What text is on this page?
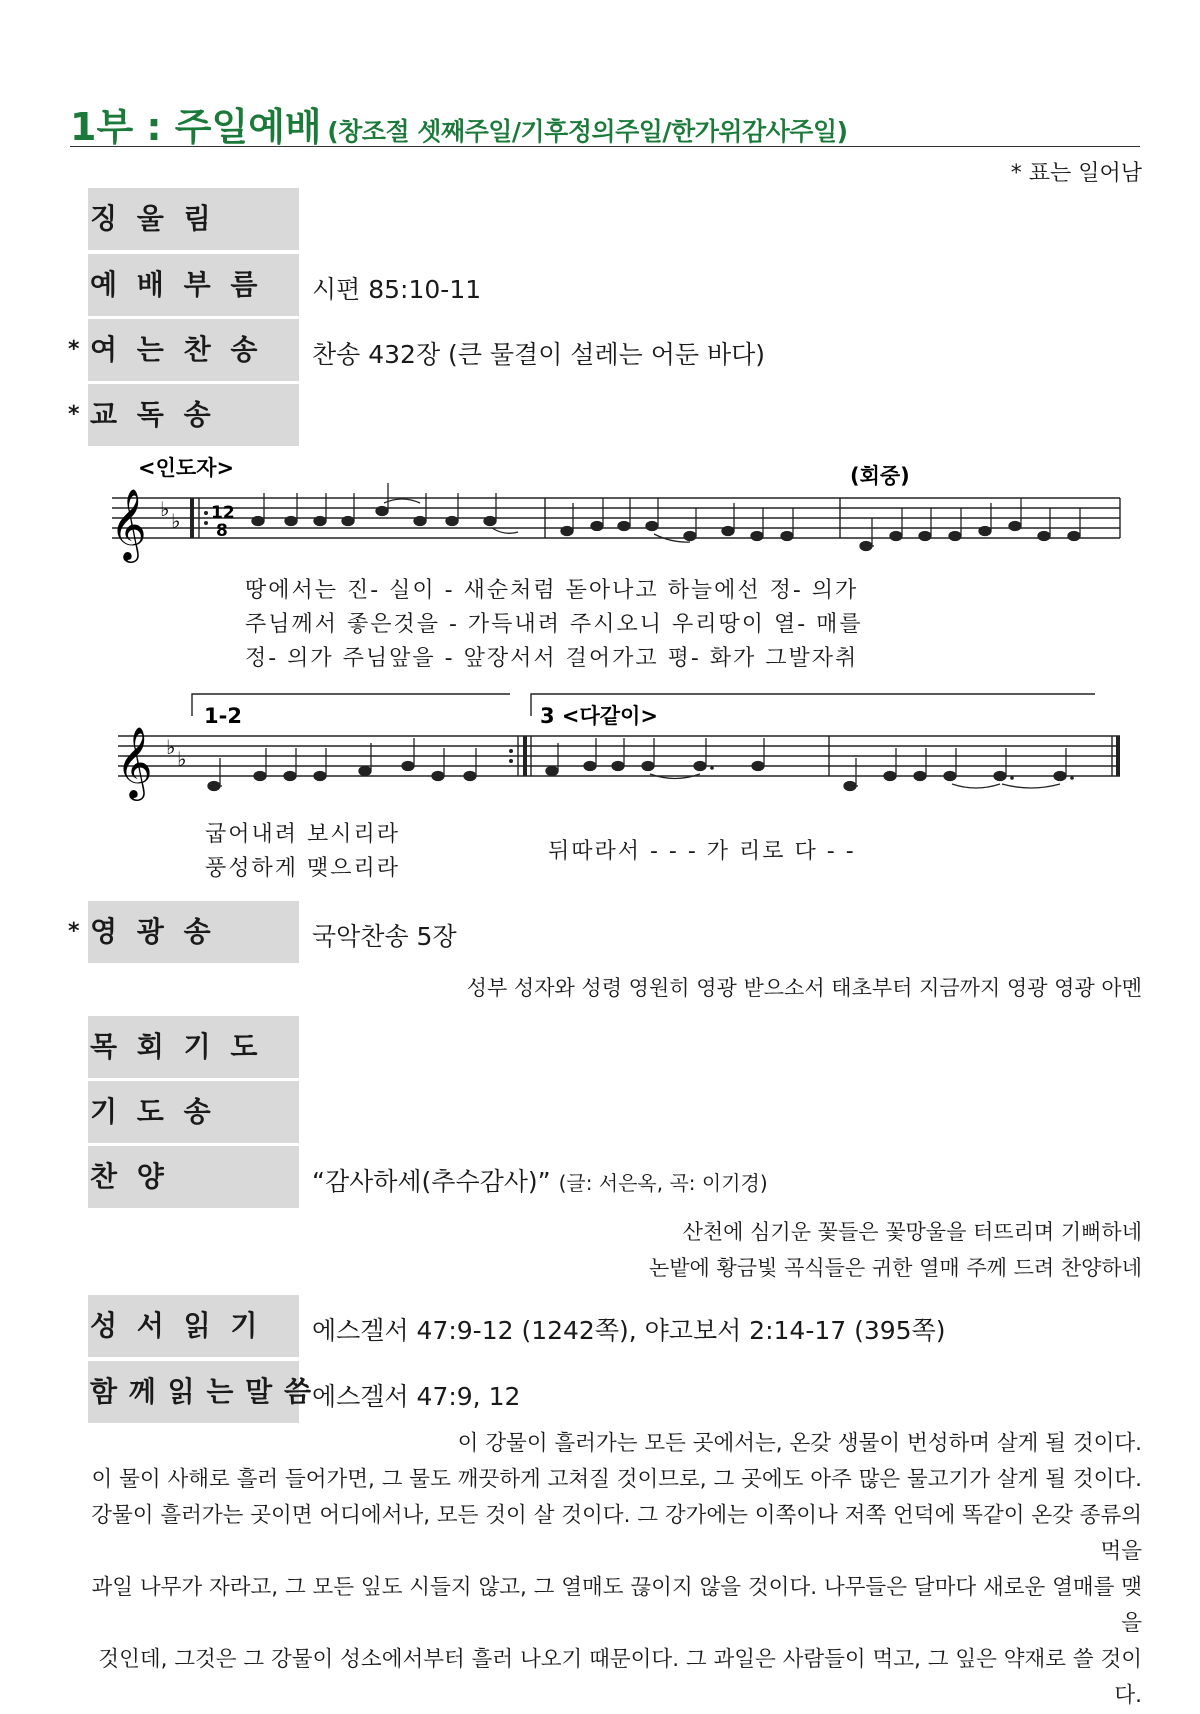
1부 : 주일예배 (창조절 셋째주일/기후정의주일/한가위감사주일)
* 표는 일어남
징 울 림
예 배 부 름	시편 85:10-11
* 여 는 찬 송	찬송 432장 (큰 물결이 설레는 어둔 바다)
* 교 독 송
<인도자>	(회중)
𝄞 ♭ ♭ 12
8
땅에서는 진- 실이 - 새순처럼 돋아나고 하늘에선 정- 의가
주님께서 좋은것을 - 가득내려 주시오니 우리땅이 열- 매를
정- 의가 주님앞을 - 앞장서서 걸어가고 평- 화가 그발자취
1-2	3 <다같이>
𝄞 ♭ ♭
굽어내려 보시리라
풍성하게 맺으리라
뒤따라서 - - - 가 리로 다 - -
* 영 광 송	국악찬송 5장
성부 성자와 성령 영원히 영광 받으소서 태초부터 지금까지 영광 영광 아멘
목 회 기 도
기 도 송
찬 양	“감사하세(추수감사)” (글: 서은옥, 곡: 이기경)
산천에 심기운 꽃들은 꽃망울을 터뜨리며 기뻐하네
논밭에 황금빛 곡식들은 귀한 열매 주께 드려 찬양하네
성 서 읽 기	에스겔서 47:9-12 (1242쪽), 야고보서 2:14-17 (395쪽)
함 께 읽 는 말 씀 에스겔서 47:9, 12
이 강물이 흘러가는 모든 곳에서는, 온갖 생물이 번성하며 살게 될 것이다.
이 물이 사해로 흘러 들어가면, 그 물도 깨끗하게 고쳐질 것이므로, 그 곳에도 아주 많은 물고기가 살게 될 것이다.
강물이 흘러가는 곳이면 어디에서나, 모든 것이 살 것이다. 그 강가에는 이쪽이나 저쪽 언덕에 똑같이 온갖 종류의 먹을
과일 나무가 자라고, 그 모든 잎도 시들지 않고, 그 열매도 끊이지 않을 것이다. 나무들은 달마다 새로운 열매를 맺을
것인데, 그것은 그 강물이 성소에서부터 흘러 나오기 때문이다. 그 과일은 사람들이 먹고, 그 잎은 약재로 쓸 것이다.
